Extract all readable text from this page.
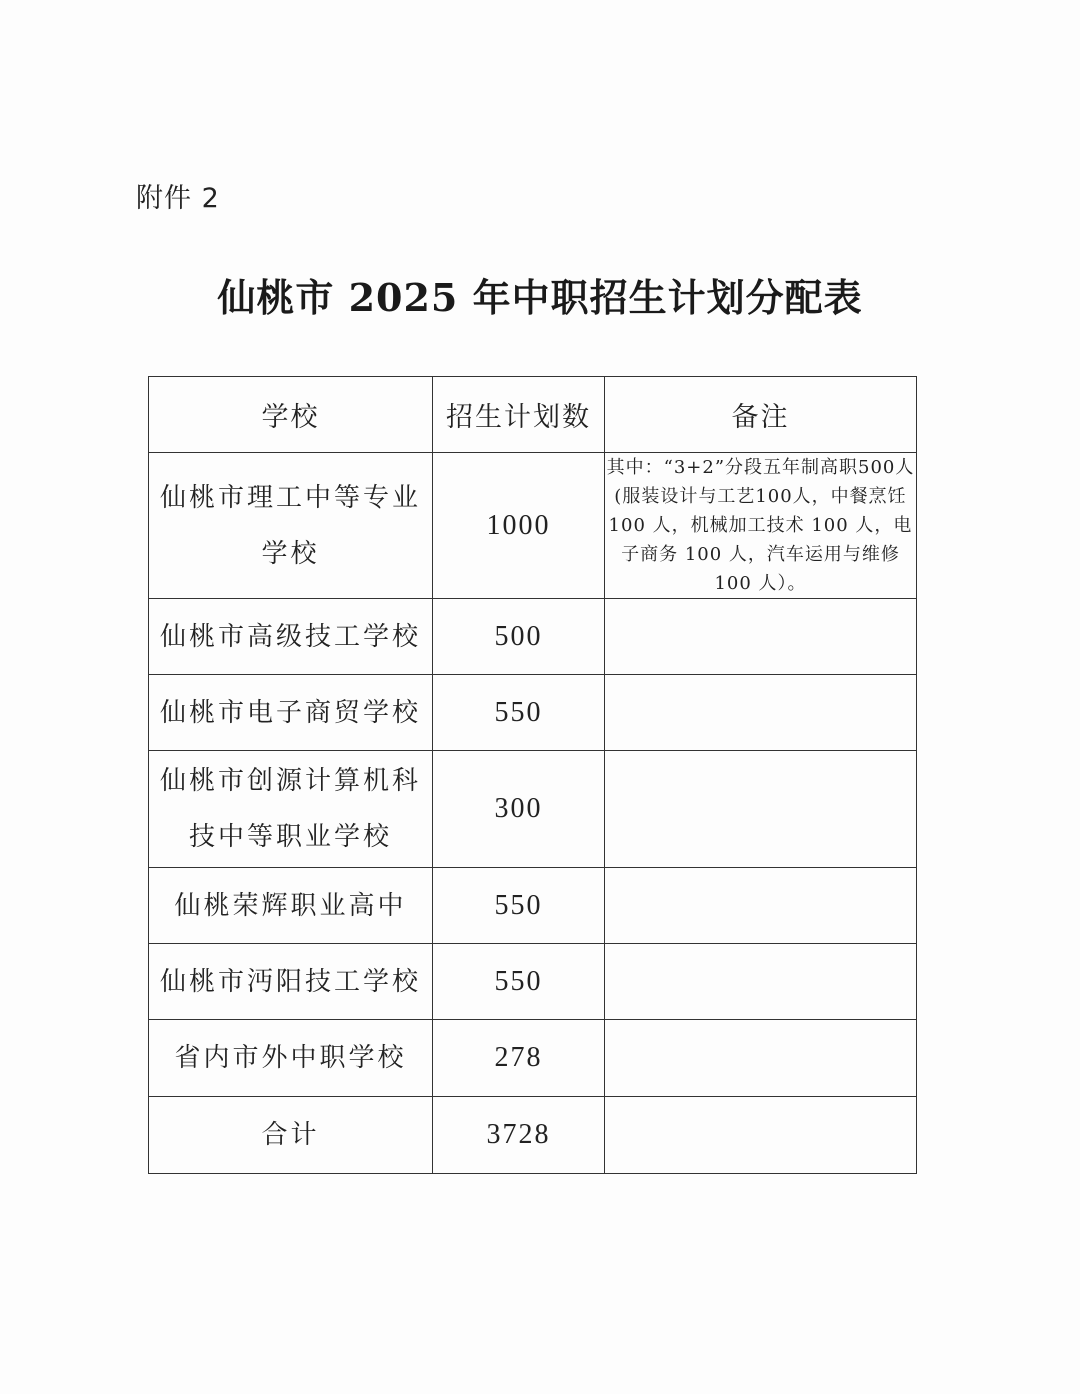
附件 2
仙桃市 2025 年中职招生计划分配表
学校	招生计划数	备注
仙桃市理工中等专业学校	1000	其中：“3+2”分段五年制高职500人(服装设计与工艺100人，中餐烹饪 100 人，机械加工技术 100 人，电子商务 100 人，汽车运用与维修 100 人）。
仙桃市高级技工学校	500	
仙桃市电子商贸学校	550	
仙桃市创源计算机科技中等职业学校	300	
仙桃荣辉职业高中	550	
仙桃市沔阳技工学校	550	
省内市外中职学校	278	
合计	3728	
